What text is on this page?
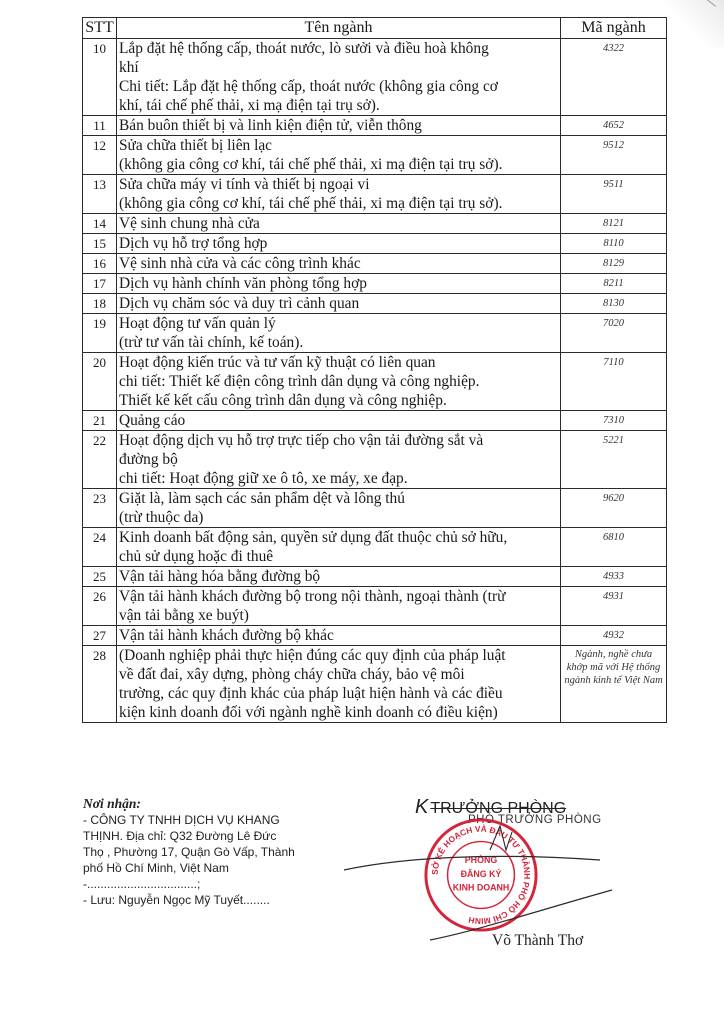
STT	Tên ngành	Mã ngành
10	Lắp đặt hệ thống cấp, thoát nước, lò sưởi và điều hoà không
khí
Chi tiết: Lắp đặt hệ thống cấp, thoát nước (không gia công cơ
khí, tái chế phế thải, xi mạ điện tại trụ sở).	4322
11	Bán buôn thiết bị và linh kiện điện tử, viễn thông	4652
12	Sửa chữa thiết bị liên lạc
(không gia công cơ khí, tái chế phế thải, xi mạ điện tại trụ sở).	9512
13	Sửa chữa máy vi tính và thiết bị ngoại vi
(không gia công cơ khí, tái chế phế thải, xi mạ điện tại trụ sở).	9511
14	Vệ sinh chung nhà cửa	8121
15	Dịch vụ hỗ trợ tổng hợp	8110
16	Vệ sinh nhà cửa và các công trình khác	8129
17	Dịch vụ hành chính văn phòng tổng hợp	8211
18	Dịch vụ chăm sóc và duy trì cảnh quan	8130
19	Hoạt động tư vấn quản lý
(trừ tư vấn tài chính, kế toán).	7020
20	Hoạt động kiến trúc và tư vấn kỹ thuật có liên quan
chi tiết: Thiết kế điện công trình dân dụng và công nghiệp.
Thiết kế kết cấu công trình dân dụng và công nghiệp.	7110
21	Quảng cáo	7310
22	Hoạt động dịch vụ hỗ trợ trực tiếp cho vận tải đường sắt và
đường bộ
chi tiết: Hoạt động giữ xe ô tô, xe máy, xe đạp.	5221
23	Giặt là, làm sạch các sản phẩm dệt và lông thú
(trừ thuộc da)	9620
24	Kinh doanh bất động sản, quyền sử dụng đất thuộc chủ sở hữu,
chủ sử dụng hoặc đi thuê	6810
25	Vận tải hàng hóa bằng đường bộ	4933
26	Vận tải hành khách đường bộ trong nội thành, ngoại thành (trừ
vận tải bằng xe buýt)	4931
27	Vận tải hành khách đường bộ khác	4932
28	(Doanh nghiệp phải thực hiện đúng các quy định của pháp luật
về đất đai, xây dựng, phòng cháy chữa cháy, bảo vệ môi
trường, các quy định khác của pháp luật hiện hành và các điều
kiện kinh doanh đối với ngành nghề kinh doanh có điều kiện)	Ngành, nghề chưa khớp mã với Hệ thống ngành kinh tế Việt Nam
Nơi nhận:
- CÔNG TY TNHH DỊCH VỤ KHANG
THỊNH. Địa chỉ: Q32 Đường Lê Đức
Thọ , Phường 17, Quận Gò Vấp, Thành
phố Hồ Chí Minh, Việt Nam
-.................................;
- Lưu: Nguyễn Ngọc Mỹ Tuyết........
K TRƯỞNG PHÒNG
PHÓ TRƯỞNG PHÒNG
SỞ KẾ HOẠCH VÀ ĐẦU TƯ THÀNH PHỐ HỒ CHÍ MINH
PHÒNG
ĐĂNG KÝ
KINH DOANH
Võ Thành Thơ
